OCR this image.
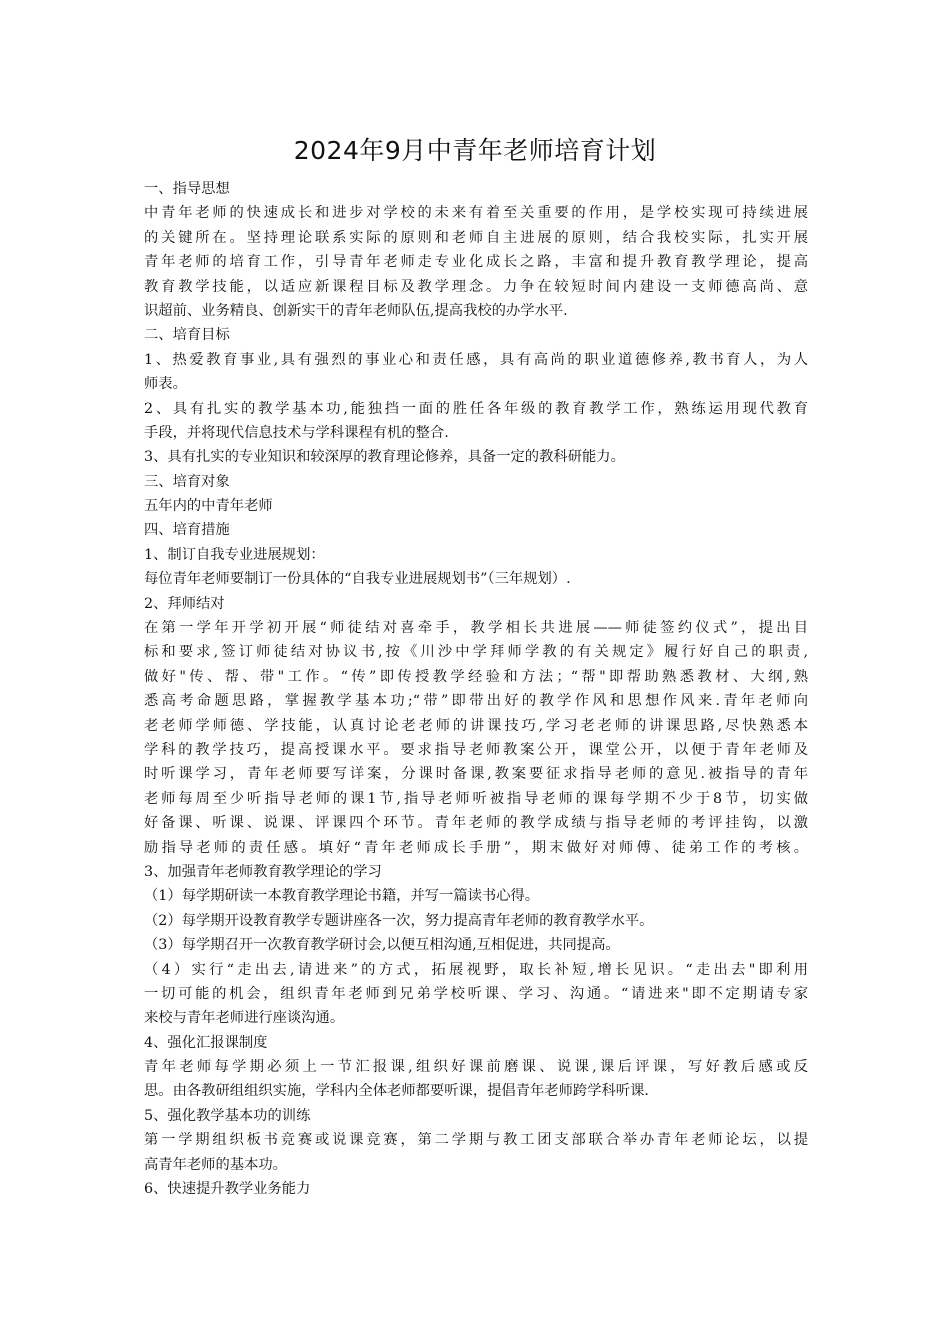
2024年9月中青年老师培育计划
一、指导思想
中青年老师的快速成长和进步对学校的未来有着至关重要的作用，是学校实现可持续进展
的关键所在。坚持理论联系实际的原则和老师自主进展的原则，结合我校实际，扎实开展
青年老师的培育工作，引导青年老师走专业化成长之路，丰富和提升教育教学理论，提高
教育教学技能，以适应新课程目标及教学理念。力争在较短时间内建设一支师德高尚、意
识超前、业务精良、创新实干的青年老师队伍,提高我校的办学水平.
二、培育目标
1、热爱教育事业,具有强烈的事业心和责任感，具有高尚的职业道德修养,教书育人，为人
师表。
2、具有扎实的教学基本功,能独挡一面的胜任各年级的教育教学工作，熟练运用现代教育
手段，并将现代信息技术与学科课程有机的整合.
3、具有扎实的专业知识和较深厚的教育理论修养，具备一定的教科研能力。
三、培育对象
五年内的中青年老师
四、培育措施
1、制订自我专业进展规划：
每位青年老师要制订一份具体的“自我专业进展规划书”（三年规划）.
2、拜师结对
在第一学年开学初开展“师徒结对喜牵手，教学相长共进展——师徒签约仪式”，提出目
标和要求,签订师徒结对协议书,按《川沙中学拜师学教的有关规定》履行好自己的职责,
做好"传、帮、带"工作。“传”即传授教学经验和方法；“帮"即帮助熟悉教材、大纲,熟
悉高考命题思路，掌握教学基本功;“带”即带出好的教学作风和思想作风来.青年老师向
老老师学师德、学技能，认真讨论老老师的讲课技巧,学习老老师的讲课思路,尽快熟悉本
学科的教学技巧，提高授课水平。要求指导老师教案公开，课堂公开，以便于青年老师及
时听课学习，青年老师要写详案，分课时备课,教案要征求指导老师的意见.被指导的青年
老师每周至少听指导老师的课1节,指导老师听被指导老师的课每学期不少于8节，切实做
好备课、听课、说课、评课四个环节。青年老师的教学成绩与指导老师的考评挂钩，以激
励指导老师的责任感。填好“青年老师成长手册”，期末做好对师傅、徒弟工作的考核。
3、加强青年老师教育教学理论的学习
（1）每学期研读一本教育教学理论书籍，并写一篇读书心得。
（2）每学期开设教育教学专题讲座各一次，努力提高青年老师的教育教学水平。
（3）每学期召开一次教育教学研讨会,以便互相沟通,互相促进，共同提高。
（4）实行“走出去,请进来”的方式，拓展视野，取长补短,增长见识。“走出去"即利用
一切可能的机会，组织青年老师到兄弟学校听课、学习、沟通。“请进来"即不定期请专家
来校与青年老师进行座谈沟通。
4、强化汇报课制度
青年老师每学期必须上一节汇报课,组织好课前磨课、说课,课后评课，写好教后感或反
思。由各教研组组织实施，学科内全体老师都要听课，提倡青年老师跨学科听课.
5、强化教学基本功的训练
第一学期组织板书竞赛或说课竞赛，第二学期与教工团支部联合举办青年老师论坛，以提
高青年老师的基本功。
6、快速提升教学业务能力
